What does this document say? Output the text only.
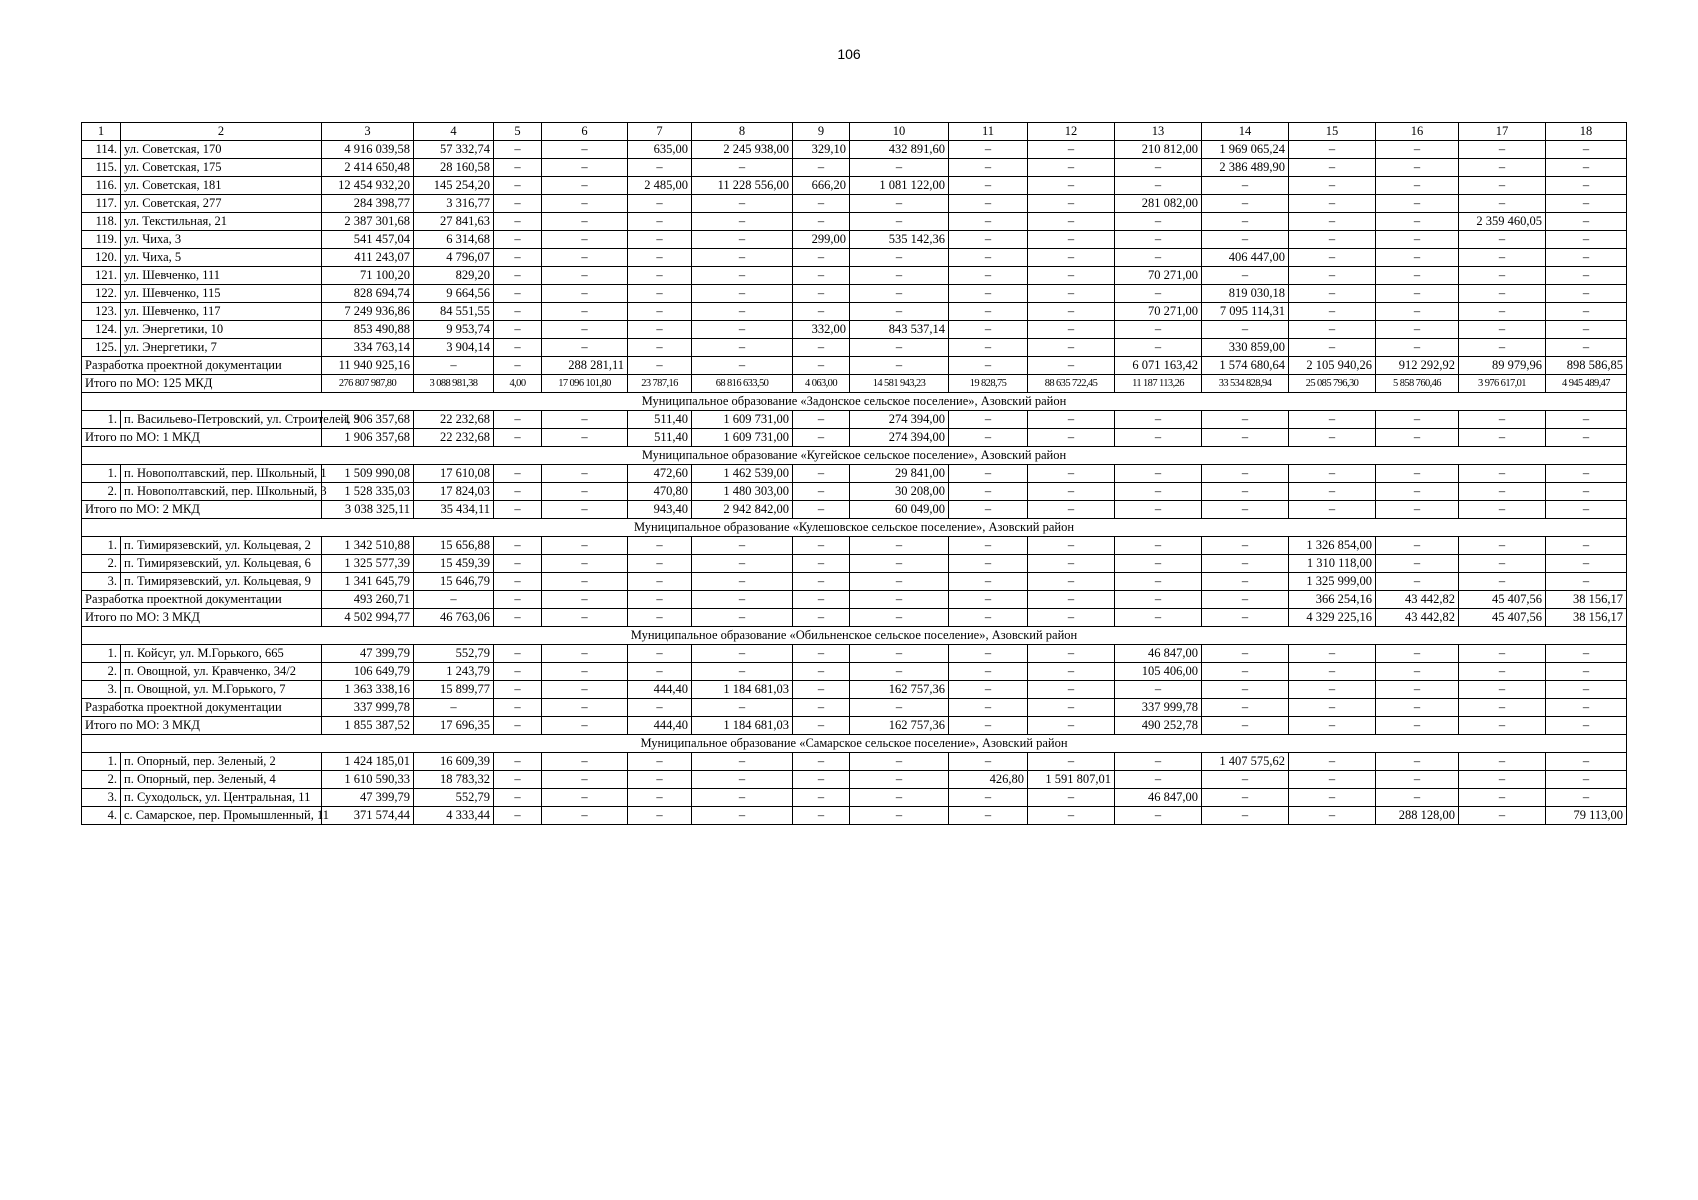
106
1	2	3	4	5	6	7	8	9	10	11	12	13	14	15	16	17	18
114.	ул. Советская, 170	4 916 039,58	57 332,74	–	–	635,00	2 245 938,00	329,10	432 891,60	–	–	210 812,00	1 969 065,24	–	–	–	–
115.	ул. Советская, 175	2 414 650,48	28 160,58	–	–	–	–	–	–	–	–	–	2 386 489,90	–	–	–	–
116.	ул. Советская, 181	12 454 932,20	145 254,20	–	–	2 485,00	11 228 556,00	666,20	1 081 122,00	–	–	–	–	–	–	–	–
117.	ул. Советская, 277	284 398,77	3 316,77	–	–	–	–	–	–	–	–	281 082,00	–	–	–	–	–
118.	ул. Текстильная, 21	2 387 301,68	27 841,63	–	–	–	–	–	–	–	–	–	–	–	–	2 359 460,05	–
119.	ул. Чиха, 3	541 457,04	6 314,68	–	–	–	–	299,00	535 142,36	–	–	–	–	–	–	–	–
120.	ул. Чиха, 5	411 243,07	4 796,07	–	–	–	–	–	–	–	–	–	406 447,00	–	–	–	–
121.	ул. Шевченко, 111	71 100,20	829,20	–	–	–	–	–	–	–	–	70 271,00	–	–	–	–	–
122.	ул. Шевченко, 115	828 694,74	9 664,56	–	–	–	–	–	–	–	–	–	819 030,18	–	–	–	–
123.	ул. Шевченко, 117	7 249 936,86	84 551,55	–	–	–	–	–	–	–	–	70 271,00	7 095 114,31	–	–	–	–
124.	ул. Энергетики, 10	853 490,88	9 953,74	–	–	–	–	332,00	843 537,14	–	–	–	–	–	–	–	–
125.	ул. Энергетики, 7	334 763,14	3 904,14	–	–	–	–	–	–	–	–	–	330 859,00	–	–	–	–
Разработка проектной документации		11 940 925,16	–	–	288 281,11	–	–	–	–	–	–	6 071 163,42	1 574 680,64	2 105 940,26	912 292,92	89 979,96	898 586,85
Итого по МО: 125 МКД		276 807 987,80	3 088 981,38	4,00	17 096 101,80	23 787,16	68 816 633,50	4 063,00	14 581 943,23	19 828,75	88 635 722,45	11 187 113,26	33 534 828,94	25 085 796,30	5 858 760,46	3 976 617,01	4 945 489,47
Муниципальное образование «Задонское сельское поселение», Азовский район																	
1.	п. Васильево-Петровский, ул. Строителей, 3	1 906 357,68	22 232,68	–	–	511,40	1 609 731,00	–	274 394,00	–	–	–	–	–	–	–	–
Итого по МО: 1 МКД		1 906 357,68	22 232,68	–	–	511,40	1 609 731,00	–	274 394,00	–	–	–	–	–	–	–	–
Муниципальное образование «Кугейское сельское поселение», Азовский район																	
1.	п. Новополтавский, пер. Школьный, 1	1 509 990,08	17 610,08	–	–	472,60	1 462 539,00	–	29 841,00	–	–	–	–	–	–	–	–
2.	п. Новополтавский, пер. Школьный, 3	1 528 335,03	17 824,03	–	–	470,80	1 480 303,00	–	30 208,00	–	–	–	–	–	–	–	–
Итого по МО: 2 МКД		3 038 325,11	35 434,11	–	–	943,40	2 942 842,00	–	60 049,00	–	–	–	–	–	–	–	–
Муниципальное образование «Кулешовское сельское поселение», Азовский район																	
1.	п. Тимирязевский, ул. Кольцевая, 2	1 342 510,88	15 656,88	–	–	–	–	–	–	–	–	–	–	1 326 854,00	–	–	–
2.	п. Тимирязевский, ул. Кольцевая, 6	1 325 577,39	15 459,39	–	–	–	–	–	–	–	–	–	–	1 310 118,00	–	–	–
3.	п. Тимирязевский, ул. Кольцевая, 9	1 341 645,79	15 646,79	–	–	–	–	–	–	–	–	–	–	1 325 999,00	–	–	–
Разработка проектной документации		493 260,71	–	–	–	–	–	–	–	–	–	–	–	366 254,16	43 442,82	45 407,56	38 156,17
Итого по МО: 3 МКД		4 502 994,77	46 763,06	–	–	–	–	–	–	–	–	–	–	4 329 225,16	43 442,82	45 407,56	38 156,17
Муниципальное образование «Обильненское сельское поселение», Азовский район																	
1.	п. Койсуг, ул. М.Горького, 665	47 399,79	552,79	–	–	–	–	–	–	–	–	46 847,00	–	–	–	–	–
2.	п. Овощной, ул. Кравченко, 34/2	106 649,79	1 243,79	–	–	–	–	–	–	–	–	105 406,00	–	–	–	–	–
3.	п. Овощной, ул. М.Горького, 7	1 363 338,16	15 899,77	–	–	444,40	1 184 681,03	–	162 757,36	–	–	–	–	–	–	–	–
Разработка проектной документации		337 999,78	–	–	–	–	–	–	–	–	–	337 999,78	–	–	–	–	–
Итого по МО: 3 МКД		1 855 387,52	17 696,35	–	–	444,40	1 184 681,03	–	162 757,36	–	–	490 252,78	–	–	–	–	–
Муниципальное образование «Самарское сельское поселение», Азовский район																	
1.	п. Опорный, пер. Зеленый, 2	1 424 185,01	16 609,39	–	–	–	–	–	–	–	–	–	1 407 575,62	–	–	–	–
2.	п. Опорный, пер. Зеленый, 4	1 610 590,33	18 783,32	–	–	–	–	–	–	426,80	1 591 807,01	–	–	–	–	–	–
3.	п. Суходольск, ул. Центральная, 11	47 399,79	552,79	–	–	–	–	–	–	–	–	46 847,00	–	–	–	–	–
4.	с. Самарское, пер. Промышленный, 11	371 574,44	4 333,44	–	–	–	–	–	–	–	–	–	–	–	288 128,00	–	79 113,00
